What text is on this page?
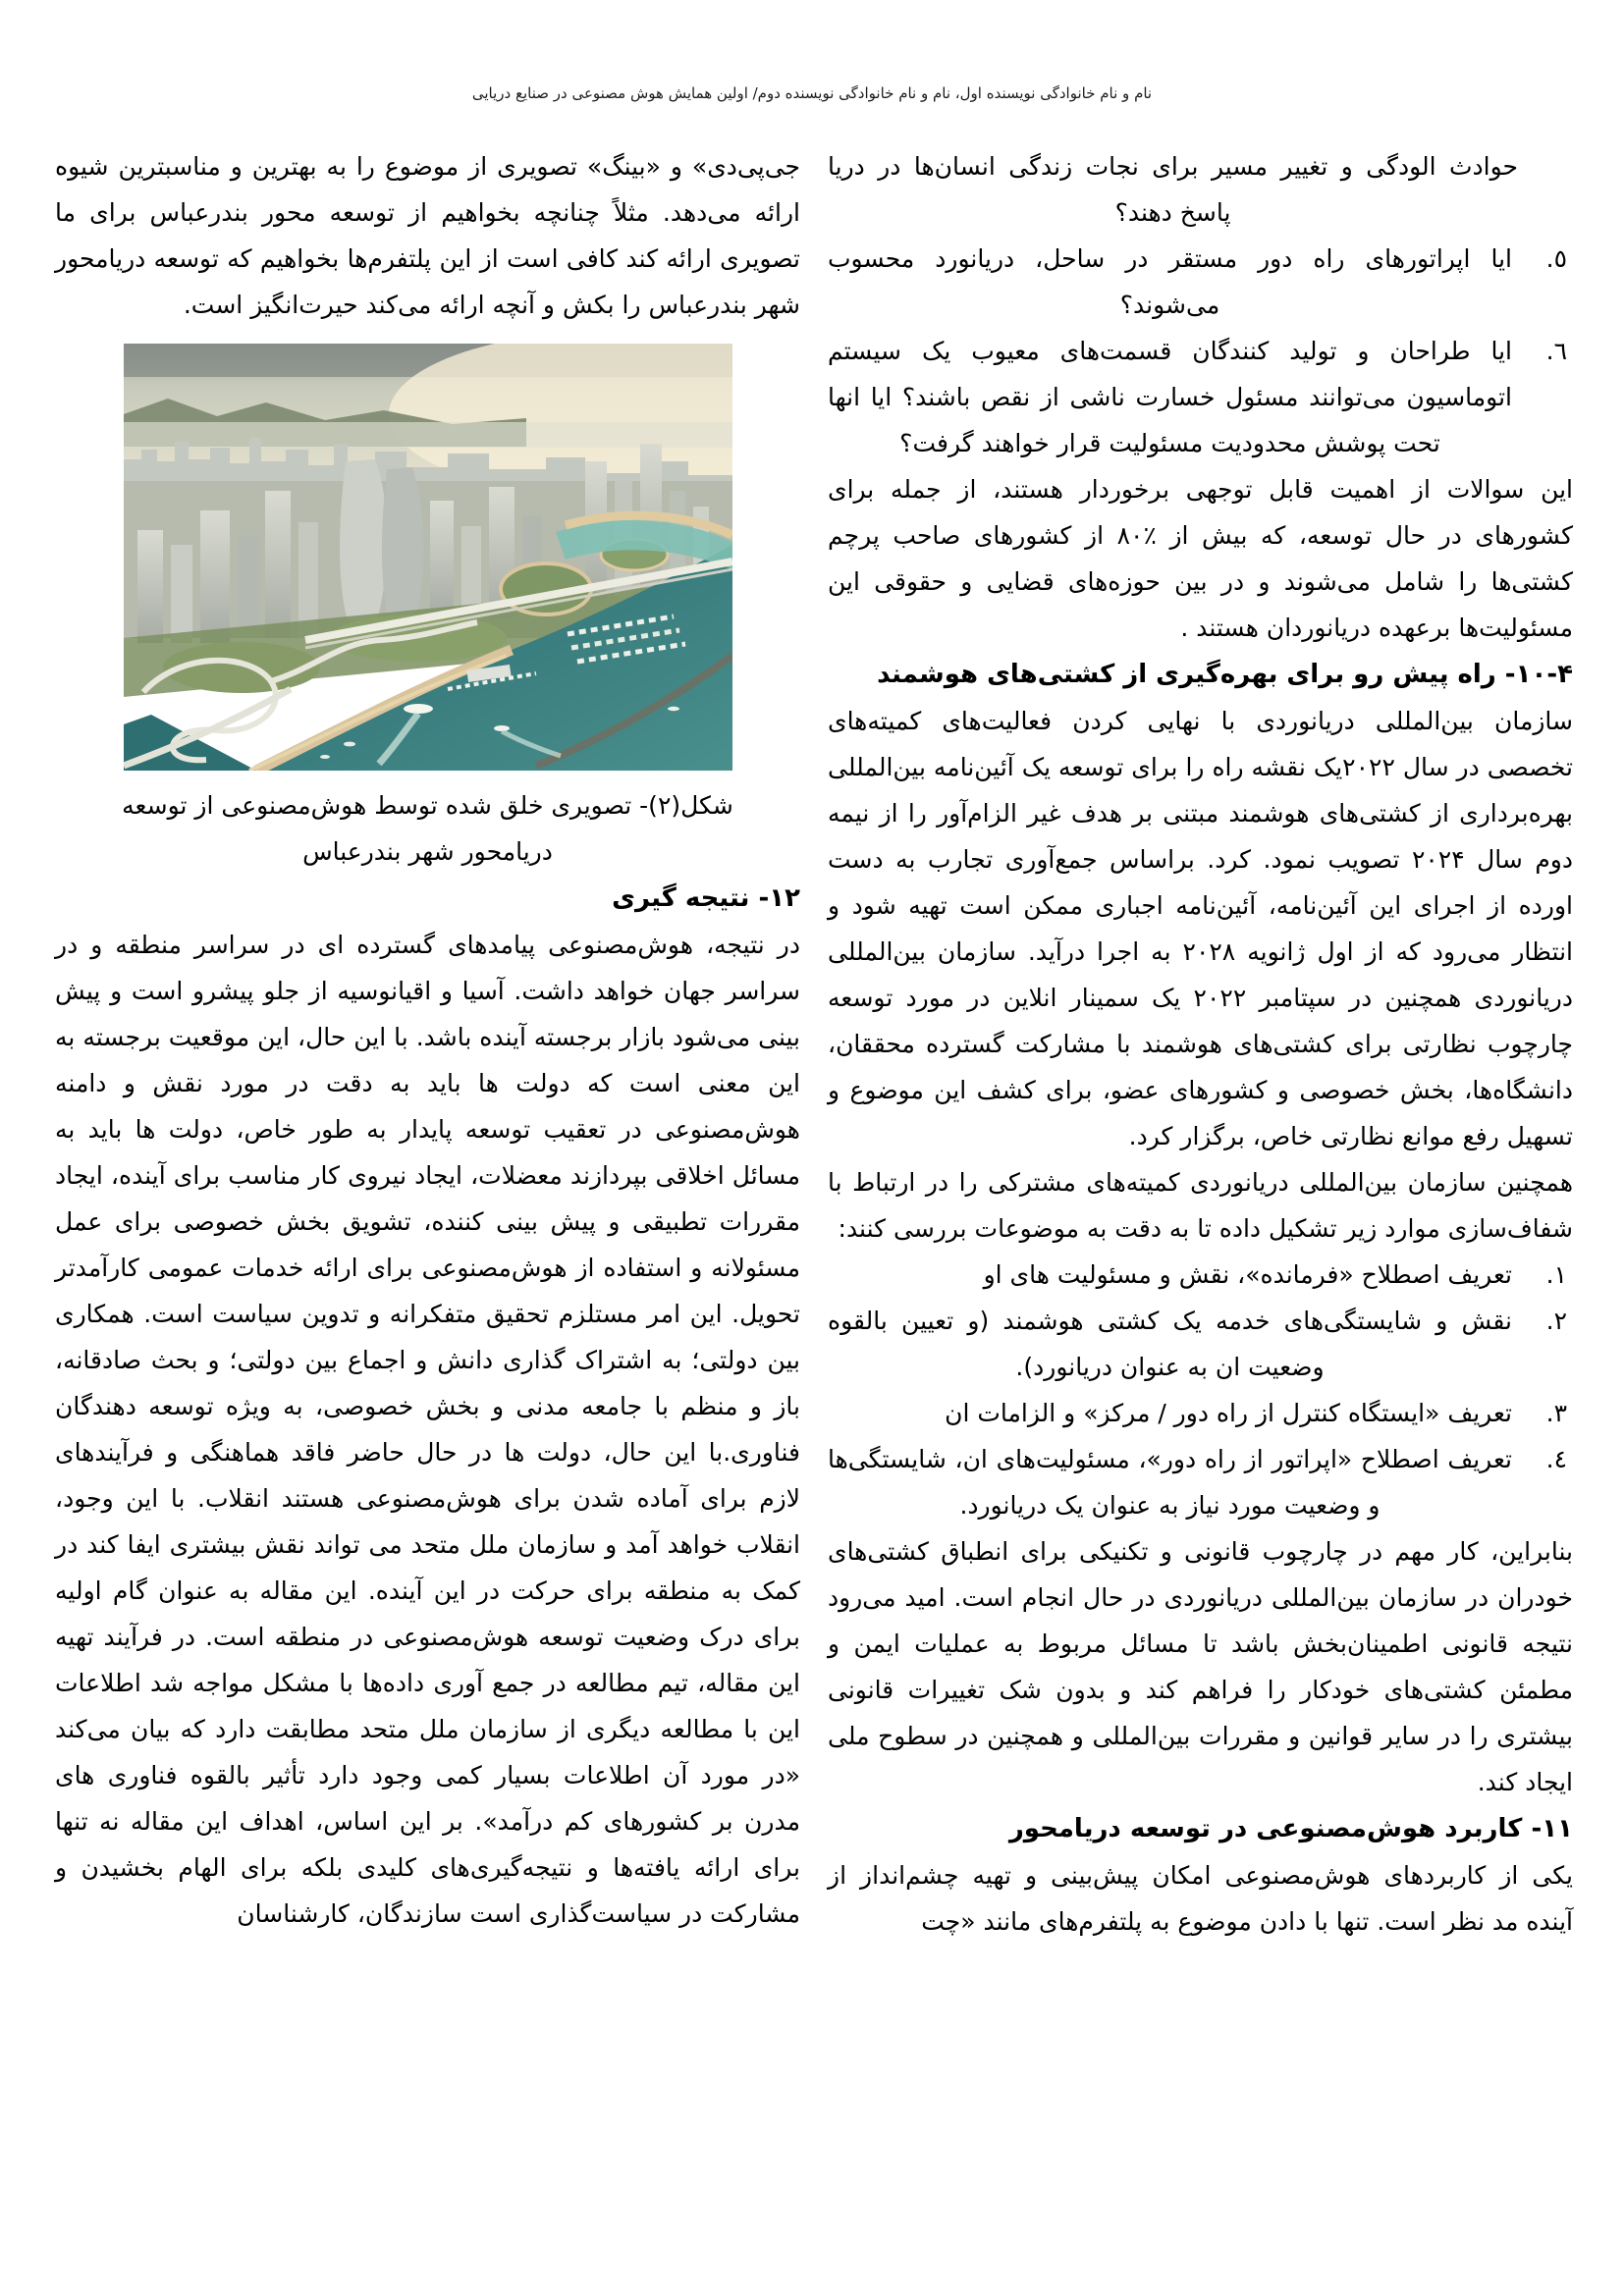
نام و نام خانوادگی نویسنده اول، نام و نام خانوادگی نویسنده دوم/ اولین همایش هوش مصنوعی در صنایع دریایی

حوادث الودگی و تغییر مسیر برای نجات زندگی انسان‌ها در دریا پاسخ دهند؟

٥.

ایا اپراتورهای راه دور مستقر در ساحل، دریانورد محسوب می‌شوند؟

٦.

ایا طراحان و تولید کنندگان قسمت‌های معیوب یک سیستم اتوماسیون می‌توانند مسئول خسارت ناشی از نقص باشند؟ ایا انها تحت پوشش محدودیت مسئولیت قرار خواهند گرفت؟

این سوالات از اهمیت قابل توجهی برخوردار هستند، از جمله برای کشورهای در حال توسعه، که بیش از ٪۸۰ از کشورهای صاحب پرچم کشتی‌ها را شامل می‌شوند و در بین حوزه‌های قضایی و حقوقی این مسئولیت‌ها برعهده دریانوردان هستند .

۱۰-۴- راه پیش رو برای بهره‌گیری از کشتی‌های هوشمند

سازمان بین‌المللی دریانوردی با نهایی کردن فعالیت‌های کمیته‌های تخصصی در سال ۲۰۲۲یک نقشه راه را برای توسعه یک آئین‌نامه بین‌المللی بهره‌برداری از کشتی‌های هوشمند مبتنی بر هدف غیر الزام‌آور را از نیمه دوم سال ۲۰۲۴ تصویب نمود. کرد. براساس جمع‌آوری تجارب به دست اورده از اجرای این آئین‌نامه، آئین‌نامه اجباری ممکن است تهیه شود و انتظار می‌رود که از اول ژانویه ۲۰۲۸ به اجرا درآید. سازمان بین‌المللی دریانوردی همچنین در سپتامبر ۲۰۲۲ یک سمینار انلاین در مورد توسعه چارچوب نظارتی برای کشتی‌های هوشمند با مشارکت گسترده محققان، دانشگاه‌ها، بخش خصوصی و کشورهای عضو، برای کشف این موضوع و تسهیل رفع موانع نظارتی خاص، برگزار کرد.

همچنین سازمان بین‌المللی دریانوردی کمیته‌های مشترکی را در ارتباط با شفاف‌سازی موارد زیر تشکیل داده تا به دقت به موضوعات بررسی کنند:

١.

تعریف اصطلاح «فرمانده»، نقش و مسئولیت های او

٢.

نقش و شایستگی‌های خدمه یک کشتی هوشمند (و تعیین بالقوه وضعیت ان به عنوان دریانورد).

٣.

تعریف «ایستگاه کنترل از راه دور / مرکز» و الزامات ان

٤.

تعریف اصطلاح «اپراتور از راه دور»، مسئولیت‌های ان، شایستگی‌ها و وضعیت مورد نیاز به عنوان یک دریانورد.

بنابراین، کار مهم در چارچوب قانونی و تکنیکی برای انطباق کشتی‌های خودران در سازمان بین‌المللی دریانوردی در حال انجام است. امید می‌رود نتیجه قانونی اطمینان‌بخش باشد تا مسائل مربوط به عملیات ایمن و مطمئن کشتی‌های خودکار را فراهم کند و بدون شک تغییرات قانونی بیشتری را در سایر قوانین و مقررات بین‌المللی و همچنین در سطوح ملی ایجاد کند.

۱۱- کاربرد هوش‌مصنوعی در توسعه دریامحور

یکی از کاربردهای هوش‌مصنوعی امکان پیش‌بینی و تهیه چشم‌انداز از آینده مد نظر است. تنها با دادن موضوع به پلتفرم‌های مانند «چت

جی‌پی‌دی» و «بینگ» تصویری از موضوع را به بهترین و مناسبترین شیوه ارائه می‌دهد. مثلاً چنانچه بخواهیم از توسعه محور بندرعباس برای ما تصویری ارائه کند کافی است از این پلتفرم‌ها بخواهیم که توسعه دریامحور شهر بندرعباس را بکش و آنچه ارائه می‌کند حیرت‌انگیز است.

شکل(۲)- تصویری خلق شده توسط هوش‌مصنوعی از توسعه دریامحور شهر بندرعباس
۱۲- نتیجه گیری

در نتیجه، هوش‌مصنوعی پیامدهای گسترده ای در سراسر منطقه و در سراسر جهان خواهد داشت. آسیا و اقیانوسیه از جلو پیشرو است و پیش بینی می‌شود بازار برجسته آینده باشد. با این حال، این موقعیت برجسته به این معنی است که دولت ها باید به دقت در مورد نقش و دامنه هوش‌مصنوعی در تعقیب توسعه پایدار به طور خاص، دولت ها باید به مسائل اخلاقی بپردازند معضلات، ایجاد نیروی کار مناسب برای آینده، ایجاد مقررات تطبیقی و پیش بینی کننده، تشویق بخش خصوصی برای عمل مسئولانه و استفاده از هوش‌مصنوعی برای ارائه خدمات عمومی کارآمدتر تحویل. این امر مستلزم تحقیق متفکرانه و تدوین سیاست است. همکاری بین دولتی؛ به اشتراک گذاری دانش و اجماع بین دولتی؛ و بحث صادقانه، باز و منظم با جامعه مدنی و بخش خصوصی، به ویژه توسعه دهندگان فناوری.با این حال، دولت ها در حال حاضر فاقد هماهنگی و فرآیندهای لازم برای آماده شدن برای هوش‌مصنوعی هستند انقلاب. با این وجود، انقلاب خواهد آمد و سازمان ملل متحد می تواند نقش بیشتری ایفا کند در کمک به منطقه برای حرکت در این آینده. این مقاله به عنوان گام اولیه برای درک وضعیت توسعه هوش‌مصنوعی در منطقه است. در فرآیند تهیه این مقاله، تیم مطالعه در جمع آوری داده‌ها با مشکل مواجه شد اطلاعات این با مطالعه دیگری از سازمان ملل متحد مطابقت دارد که بیان می‌کند «در مورد آن اطلاعات بسیار کمی وجود دارد تأثیر بالقوه فناوری های مدرن بر کشورهای کم درآمد». بر این اساس، اهداف این مقاله نه تنها برای ارائه یافته‌ها و نتیجه‌گیری‌های کلیدی بلکه برای الهام بخشیدن و مشارکت در سیاست‌گذاری است سازندگان، کارشناسان
